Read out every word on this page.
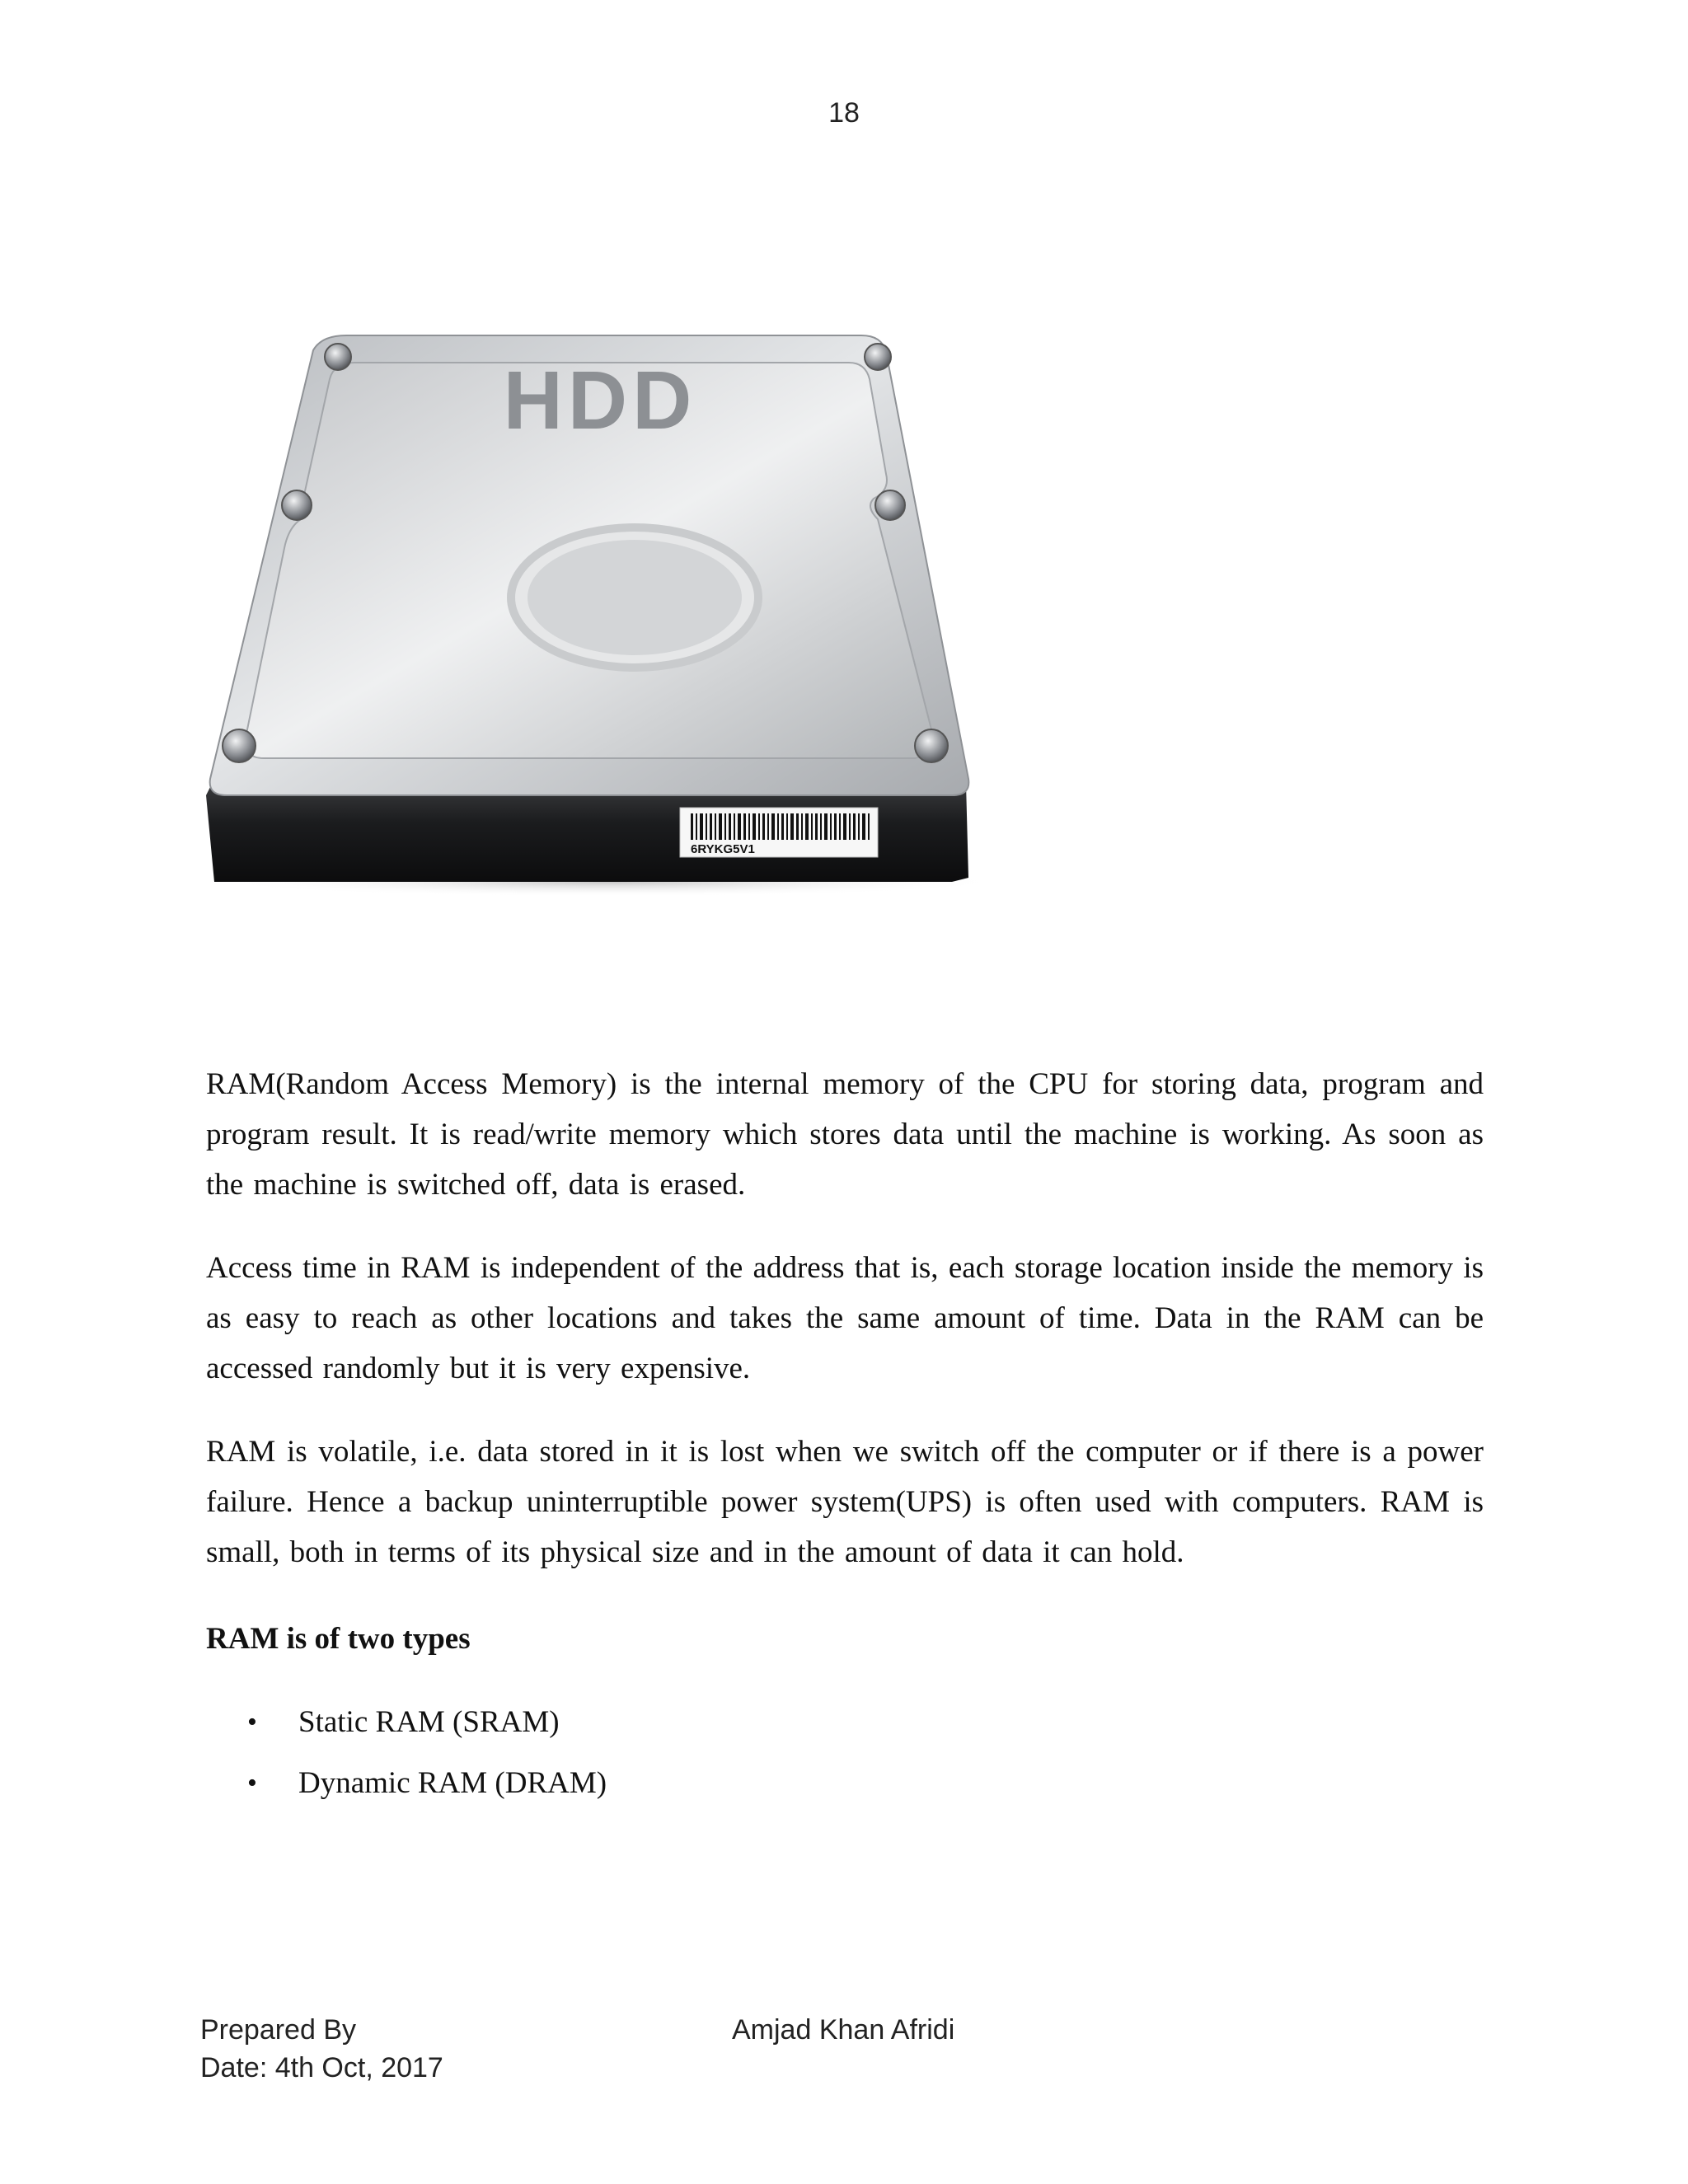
18
HDD
6RYKG5V1

RAM(Random Access Memory) is the internal memory of the CPU for storing data, program and program result. It is read/write memory which stores data until the machine is working. As soon as the machine is switched off, data is erased.

Access time in RAM is independent of the address that is, each storage location inside the memory is as easy to reach as other locations and takes the same amount of time. Data in the RAM can be accessed randomly but it is very expensive.

RAM is volatile, i.e. data stored in it is lost when we switch off the computer or if there is a power failure. Hence a backup uninterruptible power system(UPS) is often used with computers. RAM is small, both in terms of its physical size and in the amount of data it can hold.

RAM is of two types
• Static RAM (SRAM)
• Dynamic RAM (DRAM)
Prepared By	Amjad Khan Afridi
Date: 4th Oct, 2017
